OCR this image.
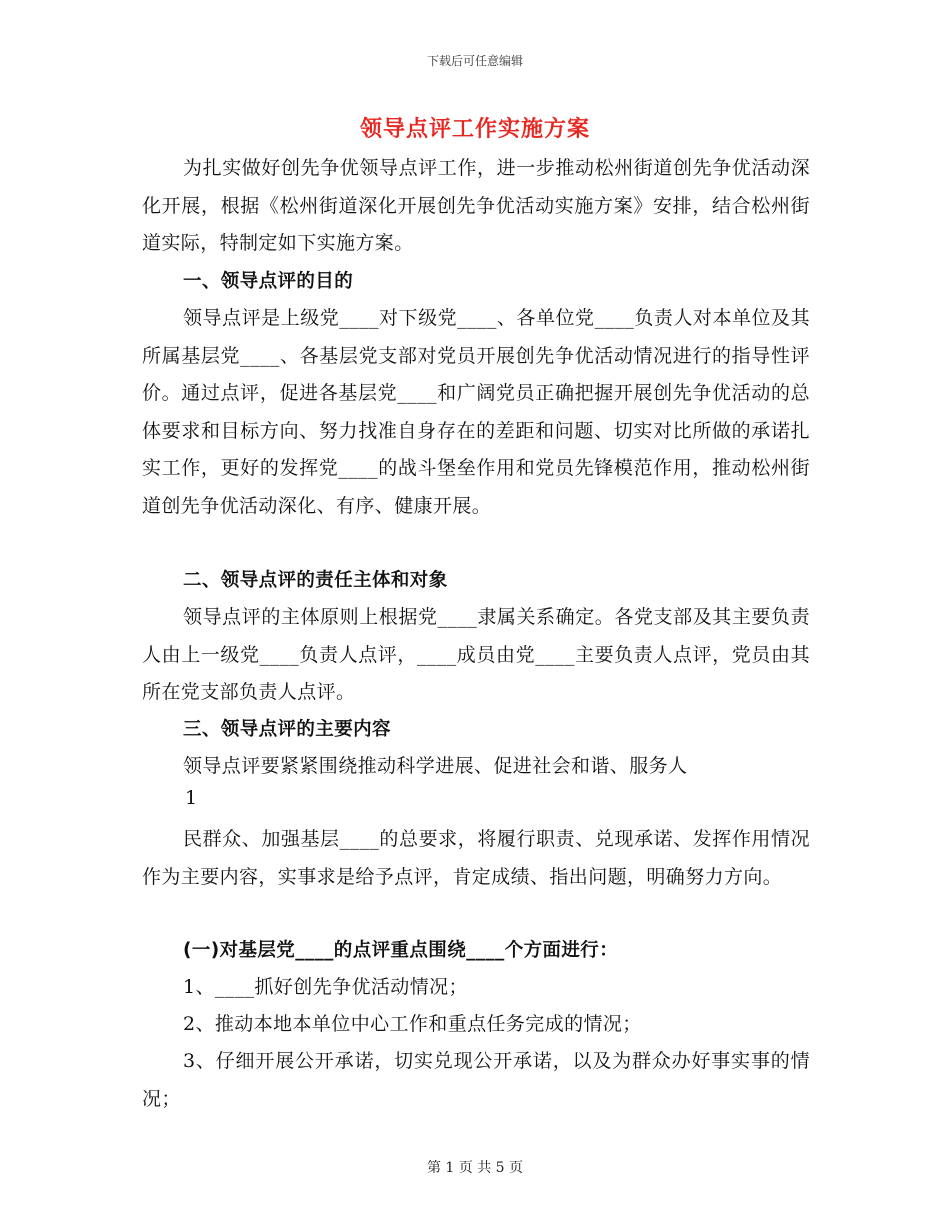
下载后可任意编辑
领导点评工作实施方案

为扎实做好创先争优领导点评工作，进一步推动松州街道创先争优活动深化开展，根据《松州街道深化开展创先争优活动实施方案》安排，结合松州街道实际，特制定如下实施方案。

一、领导点评的目的

领导点评是上级党____对下级党____、各单位党____负责人对本单位及其所属基层党____、各基层党支部对党员开展创先争优活动情况进行的指导性评价。通过点评，促进各基层党____和广阔党员正确把握开展创先争优活动的总体要求和目标方向、努力找准自身存在的差距和问题、切实对比所做的承诺扎实工作，更好的发挥党____的战斗堡垒作用和党员先锋模范作用，推动松州街道创先争优活动深化、有序、健康开展。

二、领导点评的责任主体和对象

领导点评的主体原则上根据党____隶属关系确定。各党支部及其主要负责人由上一级党____负责人点评，____成员由党____主要负责人点评，党员由其所在党支部负责人点评。

三、领导点评的主要内容

领导点评要紧紧围绕推动科学进展、促进社会和谐、服务人

1

民群众、加强基层____的总要求，将履行职责、兑现承诺、发挥作用情况作为主要内容，实事求是给予点评，肯定成绩、指出问题，明确努力方向。

(一)对基层党____的点评重点围绕____个方面进行：

1、____抓好创先争优活动情况；

2、推动本地本单位中心工作和重点任务完成的情况；

3、仔细开展公开承诺，切实兑现公开承诺，以及为群众办好事实事的情况；

第 1 页 共 5 页
